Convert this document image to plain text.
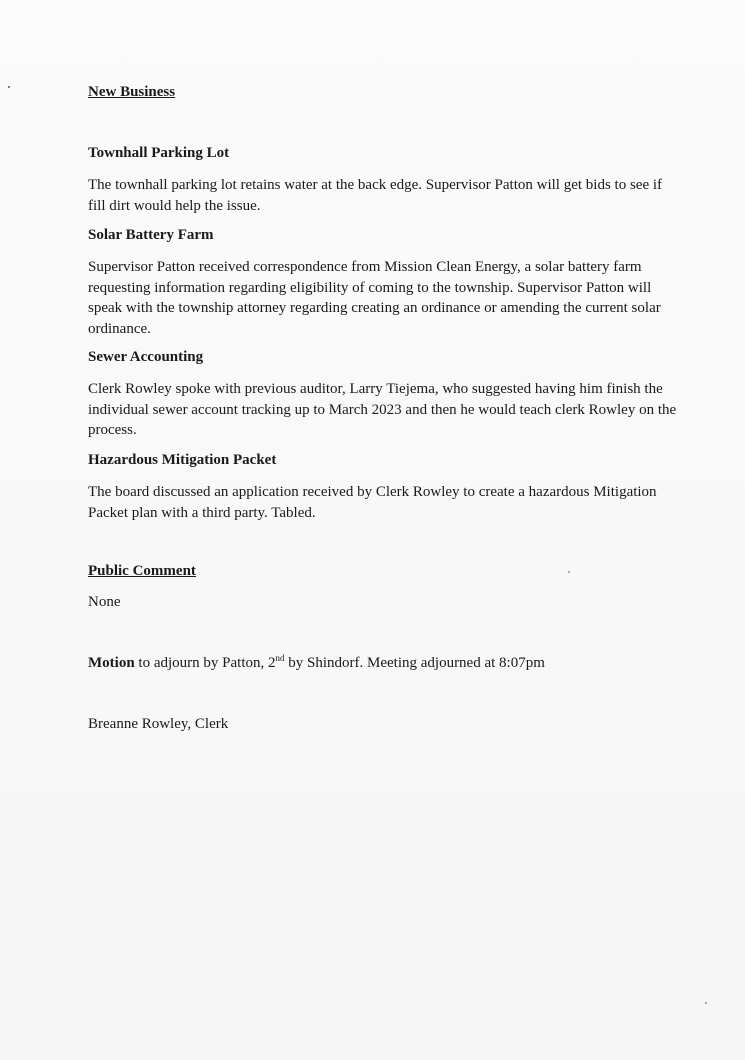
New Business

Townhall Parking Lot

The townhall parking lot retains water at the back edge. Supervisor Patton will get bids to see if fill dirt would help the issue.

Solar Battery Farm

Supervisor Patton received correspondence from Mission Clean Energy, a solar battery farm requesting information regarding eligibility of coming to the township. Supervisor Patton will speak with the township attorney regarding creating an ordinance or amending the current solar ordinance.

Sewer Accounting

Clerk Rowley spoke with previous auditor, Larry Tiejema, who suggested having him finish the individual sewer account tracking up to March 2023 and then he would teach clerk Rowley on the process.

Hazardous Mitigation Packet

The board discussed an application received by Clerk Rowley to create a hazardous Mitigation Packet plan with a third party. Tabled.

Public Comment

None

Motion to adjourn by Patton, 2nd by Shindorf. Meeting adjourned at 8:07pm

Breanne Rowley, Clerk
